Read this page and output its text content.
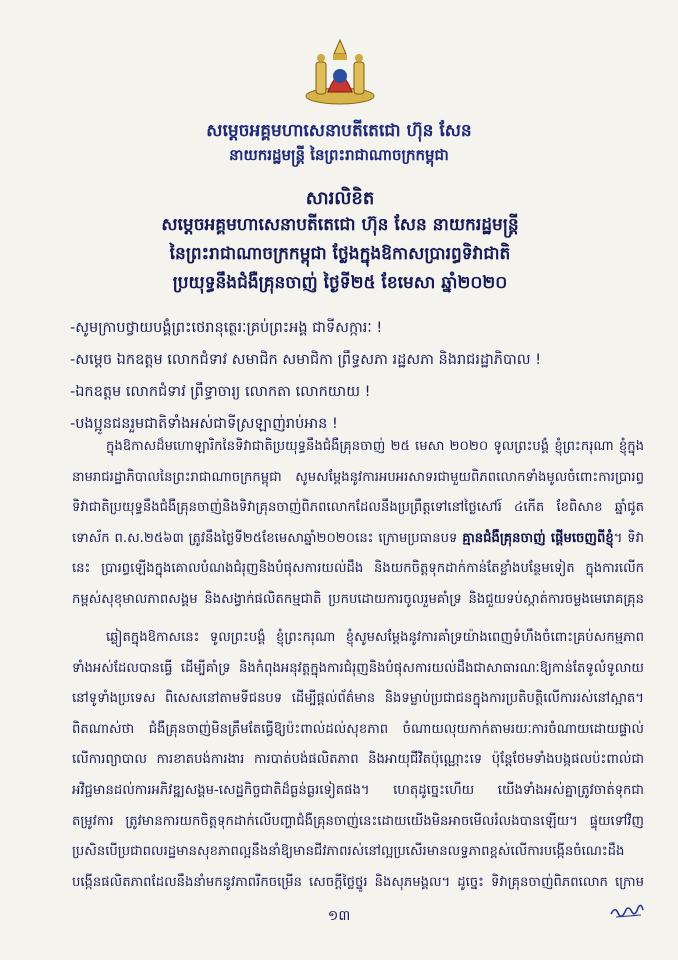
សម្ដេចអគ្គមហាសេនាបតីតេជោ ហ៊ុន សែន
នាយករដ្ឋមន្ត្រី នៃព្រះរាជាណាចក្រកម្ពុជា
សារលិខិត
សម្ដេចអគ្គមហាសេនាបតីតេជោ ហ៊ុន សែន នាយករដ្ឋមន្ត្រី
នៃព្រះរាជាណាចក្រកម្ពុជា ថ្លែងក្នុងឱកាសប្រារព្ធទិវាជាតិ
ប្រយុទ្ធនឹងជំងឺគ្រុនចាញ់ ថ្ងៃទី២៥ ខែមេសា ឆ្នាំ២០២០
-សូមក្រាបថ្វាយបង្គំព្រះថេរានុត្ថេរៈគ្រប់ព្រះអង្គ ជាទីសក្ការៈ !
-សម្ដេច ឯកឧត្ដម លោកជំទាវ សមាជិក សមាជិកា ព្រឹទ្ធសភា រដ្ឋសភា និងរាជរដ្ឋាភិបាល !
-ឯកឧត្ដម លោកជំទាវ ព្រឹទ្ធាចារ្យ លោកតា លោកយាយ !
-បងប្អូនជនរួមជាតិទាំងអស់ជាទីស្រឡាញ់រាប់អាន !

ក្នុងឱកាសដ៏មហោឡារិកនៃទិវាជាតិប្រយុទ្ធនឹងជំងឺគ្រុនចាញ់ ២៥ មេសា ២០២០ ទូលព្រះបង្គំ ខ្ញុំព្រះករុណា ខ្ញុំក្នុងនាមរាជរដ្ឋាភិបាលនៃព្រះរាជាណាចក្រកម្ពុជា សូមសម្ដែងនូវការអបអរសាទរជាមួយពិភពលោកទាំងមូលចំពោះការប្រារព្ធទិវាជាតិប្រយុទ្ធនឹងជំងឺគ្រុនចាញ់និងទិវាគ្រុនចាញ់ពិភពលោកដែលនឹងប្រព្រឹត្តទៅនៅថ្ងៃសៅរ៍ ៤កើត ខែពិសាខ ឆ្នាំជូត ទោស័ក ព.ស.២៥៦៣ ត្រូវនឹងថ្ងៃទី២៥ខែមេសាឆ្នាំ២០២០នេះ ក្រោមប្រធានបទ គ្មានជំងឺគ្រុនចាញ់ ផ្ដើមចេញពីខ្ញុំ។ ទិវានេះ ប្រារព្ធឡើងក្នុងគោលបំណងជំរុញនិងបំផុសការយល់ដឹង និងយកចិត្តទុកដាក់កាន់តែខ្លាំងបន្ថែមទៀត ក្នុងការលើកកម្ពស់សុខុមាលភាពសង្គម និងសង្វាក់ផលិតកម្មជាតិ ប្រកបដោយការចូលរួមគាំទ្រ និងជួយទប់ស្កាត់ការចម្លងមេរោគគ្រុន

ឆ្លៀតក្នុងឱកាសនេះ ទូលព្រះបង្គំ ខ្ញុំព្រះករុណា ខ្ញុំសូមសម្ដែងនូវការគាំទ្រយ៉ាងពេញទំហឹងចំពោះគ្រប់សកម្មភាពទាំងអស់ដែលបានធ្វើ ដើម្បីគាំទ្រ និងកំពុងអនុវត្តក្នុងការជំរុញនិងបំផុសការយល់ដឹងជាសាធារណៈឱ្យកាន់តែទូលំទូលាយនៅទូទាំងប្រទេស ពិសេសនៅតាមទីជនបទ ដើម្បីផ្ដល់ព័ត៌មាន និងទម្លាប់ប្រជាជនក្នុងការប្រតិបត្តិលើការរស់នៅស្អាត។ ពិតណាស់ថា ជំងឺគ្រុនចាញ់មិនត្រឹមតែធ្វើឱ្យប៉ះពាល់ដល់សុខភាព ចំណាយលុយកាក់តាមរយៈការចំណាយដោយផ្ទាល់លើការព្យាបាល ការខាតបង់ការងារ ការបាត់បង់ផលិតភាព និងអាយុជីវិតប៉ុណ្ណោះទេ ប៉ុន្តែថែមទាំងបង្កផលប៉ះពាល់ជាអវិជ្ជមានដល់ការអភិវឌ្ឍសង្គម-សេដ្ឋកិច្ចជាតិដ៏ធ្ងន់ធ្ងរទៀតផង។ ហេតុដូច្នេះហើយ យើងទាំងអស់គ្នាត្រូវចាត់ទុកជាតម្រូវការ ត្រូវមានការយកចិត្តទុកដាក់លើបញ្ហាជំងឺគ្រុនចាញ់នេះដោយយើងមិនអាចមើលរំលងបានឡើយ។ ផ្ទុយទៅវិញ ប្រសិនបើប្រជាពលរដ្ឋមានសុខភាពល្អនឹងនាំឱ្យមានជីវភាពរស់នៅល្អប្រសើរមានលទ្ធភាពខ្ពស់លើការបង្កើនចំណេះដឹង បង្កើនផលិតភាពដែលនឹងនាំមកនូវភាពរីកចម្រើន សេចក្ដីថ្លៃថ្នូរ និងសុភមង្គល។ ដូច្នេះ ទិវាគ្រុនចាញ់ពិភពលោក ក្រោម

១៣
